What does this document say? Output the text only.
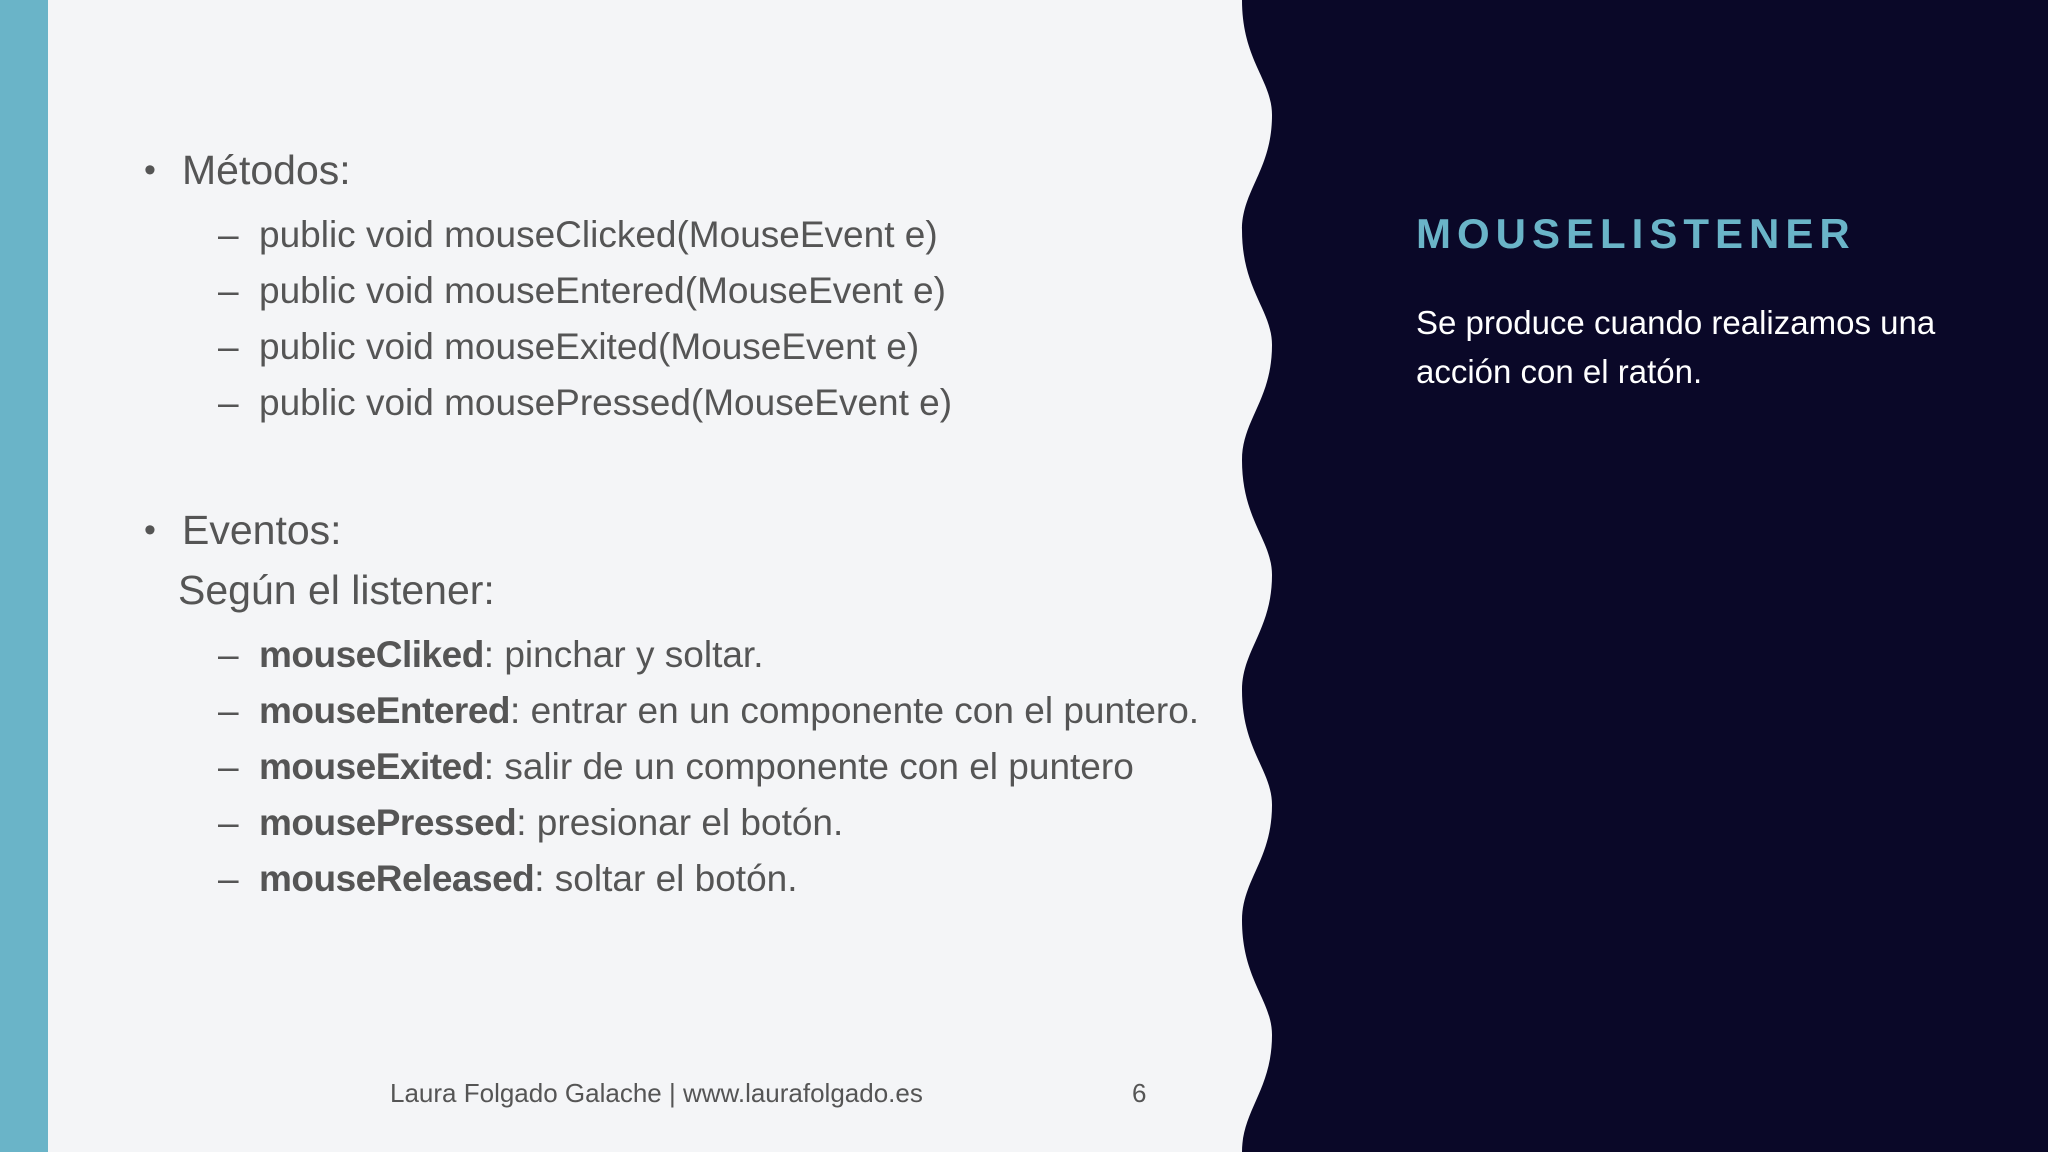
• Métodos:

– public void mouseClicked(MouseEvent e)
– public void mouseEntered(MouseEvent e)
– public void mouseExited(MouseEvent e)
– public void mousePressed(MouseEvent e)

• Eventos:

Según el listener:

– mouseCliked: pinchar y soltar.
– mouseEntered: entrar en un componente con el puntero.
– mouseExited: salir de un componente con el puntero
– mousePressed: presionar el botón.
– mouseReleased: soltar el botón.
Laura Folgado Galache | www.laurafolgado.es	6
MOUSELISTENER

Se produce cuando realizamos una acción con el ratón.
